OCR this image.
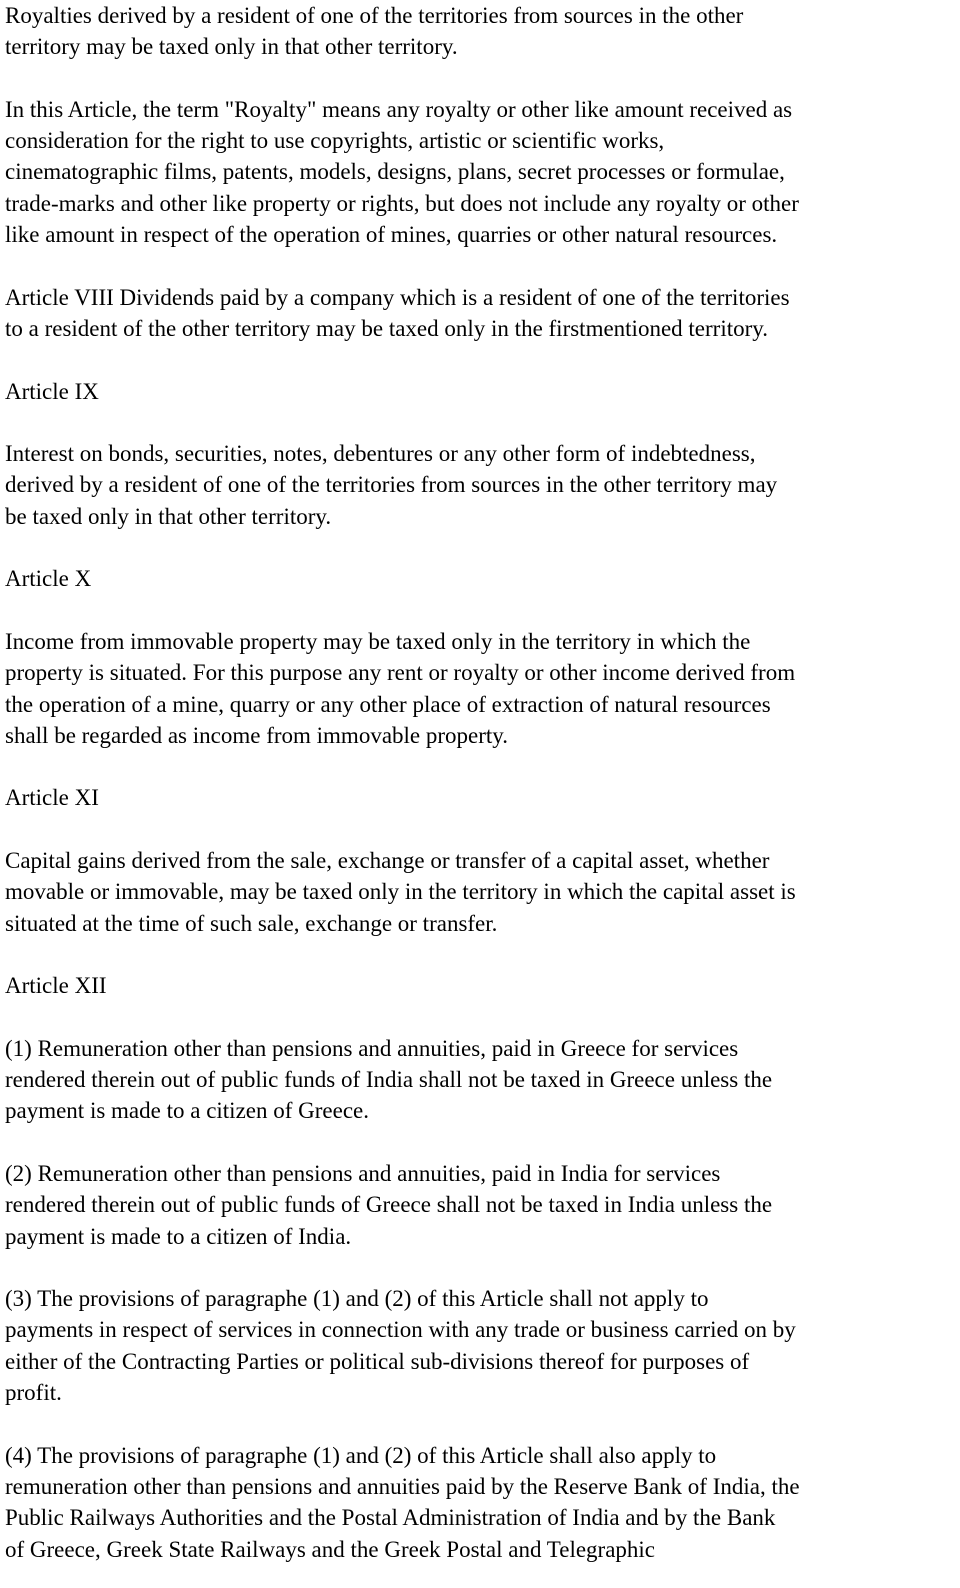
Royalties derived by a resident of one of the territories from sources in the other
territory may be taxed only in that other territory.

In this Article, the term "Royalty" means any royalty or other like amount received as
consideration for the right to use copyrights, artistic or scientific works,
cinematographic films, patents, models, designs, plans, secret processes or formulae,
trade-marks and other like property or rights, but does not include any royalty or other
like amount in respect of the operation of mines, quarries or other natural resources.

Article VIII Dividends paid by a company which is a resident of one of the territories
to a resident of the other territory may be taxed only in the firstmentioned territory.

Article IX

Interest on bonds, securities, notes, debentures or any other form of indebtedness,
derived by a resident of one of the territories from sources in the other territory may
be taxed only in that other territory.

Article X

Income from immovable property may be taxed only in the territory in which the
property is situated. For this purpose any rent or royalty or other income derived from
the operation of a mine, quarry or any other place of extraction of natural resources
shall be regarded as income from immovable property.

Article XI

Capital gains derived from the sale, exchange or transfer of a capital asset, whether
movable or immovable, may be taxed only in the territory in which the capital asset is
situated at the time of such sale, exchange or transfer.

Article XII

(1) Remuneration other than pensions and annuities, paid in Greece for services
rendered therein out of public funds of India shall not be taxed in Greece unless the
payment is made to a citizen of Greece.

(2) Remuneration other than pensions and annuities, paid in India for services
rendered therein out of public funds of Greece shall not be taxed in India unless the
payment is made to a citizen of India.

(3) The provisions of paragraphe (1) and (2) of this Article shall not apply to
payments in respect of services in connection with any trade or business carried on by
either of the Contracting Parties or political sub-divisions thereof for purposes of
profit.

(4) The provisions of paragraphe (1) and (2) of this Article shall also apply to
remuneration other than pensions and annuities paid by the Reserve Bank of India, the
Public Railways Authorities and the Postal Administration of India and by the Bank
of Greece, Greek State Railways and the Greek Postal and Telegraphic
